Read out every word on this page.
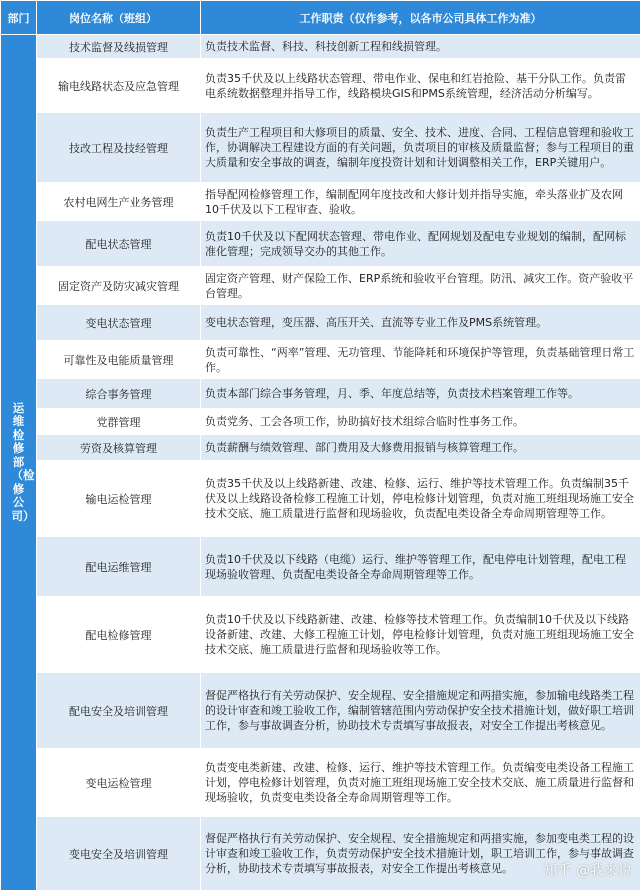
部门	岗位名称（班组）	工作职责（仅作参考，以各市公司具体工作为准）
运维检修部（检修公司）	技术监督及线损管理	负责技术监督、科技、科技创新工程和线损管理。
	输电线路状态及应急管理	负责35千伏及以上线路状态管理、带电作业、保电和红岩抢险、基干分队工作。负责雷电系统数据整理并指导工作，线路模块GIS和PMS系统管理，经济活动分析编写。
	技改工程及技经管理	负责生产工程项目和大修项目的质量、安全、技术、进度、合同、工程信息管理和验收工作，协调解决工程建设方面的有关问题，负责项目的审核及质量监督；参与工程项目的重大质量和安全事故的调查，编制年度投资计划和计划调整相关工作，ERP关键用户。
	农村电网生产业务管理	指导配网检修管理工作，编制配网年度技改和大修计划并指导实施，牵头落业扩及农网10千伏及以下工程审查、验收。
	配电状态管理	负责10千伏及以下配网状态管理、带电作业、配网规划及配电专业规划的编制，配网标准化管理；完成领导交办的其他工作。
	固定资产及防灾减灾管理	固定资产管理、财产保险工作、ERP系统和验收平台管理。防汛、减灾工作。资产验收平台管理。
	变电状态管理	变电状态管理，变压器、高压开关、直流等专业工作及PMS系统管理。
	可靠性及电能质量管理	负责可靠性、“两率”管理、无功管理、节能降耗和环境保护等管理，负责基础管理日常工作。
	综合事务管理	负责本部门综合事务管理，月、季、年度总结等，负责技术档案管理工作等。
	党群管理	负责党务、工会各项工作，协助搞好技术组综合临时性事务工作。
	劳资及核算管理	负责薪酬与绩效管理、部门费用及大修费用报销与核算管理工作。
	输电运检管理	负责35千伏及以上线路新建、改建、检修、运行、维护等技术管理工作。负责编制35千伏及以上线路设备检修工程施工计划，停电检修计划管理，负责对施工班组现场施工安全技术交底、施工质量进行监督和现场验收，负责配电类设备全寿命周期管理等工作。
	配电运维管理	负责10千伏及以下线路（电缆）运行、维护等管理工作，配电停电计划管理，配电工程现场验收管理、负责配电类设备全寿命周期管理等工作。
	配电检修管理	负责10千伏及以下线路新建、改建、检修等技术管理工作。负责编制10千伏及以下线路设备新建、改建、大修工程施工计划，停电检修计划管理，负责对施工班组现场施工安全技术交底、施工质量进行监督和现场验收等工作。
	配电安全及培训管理	督促严格执行有关劳动保护、安全规程、安全措施规定和两措实施，参加输电线路类工程的设计审查和竣工验收工作，编制管辖范围内劳动保护安全技术措施计划，做好职工培训工作，参与事故调查分析，协助技术专责填写事故报表，对安全工作提出考核意见。
	变电运检管理	负责变电类新建、改建、检修、运行、维护等技术管理工作。负责编变电类设备工程施工计划，停电检修计划管理，负责对施工班组现场施工安全技术交底、施工质量进行监督和现场验收，负责变电类设备全寿命周期管理等工作。
	变电安全及培训管理	督促严格执行有关劳动保护、安全规程、安全措施规定和两措实施，参加变电类工程的设计审查和竣工验收工作，负责劳动保护安全技术措施计划，职工培训工作，参与事故调查分析，协助技术专责填写事故报表，对安全工作提出考核意见。 知乎 @我来说
